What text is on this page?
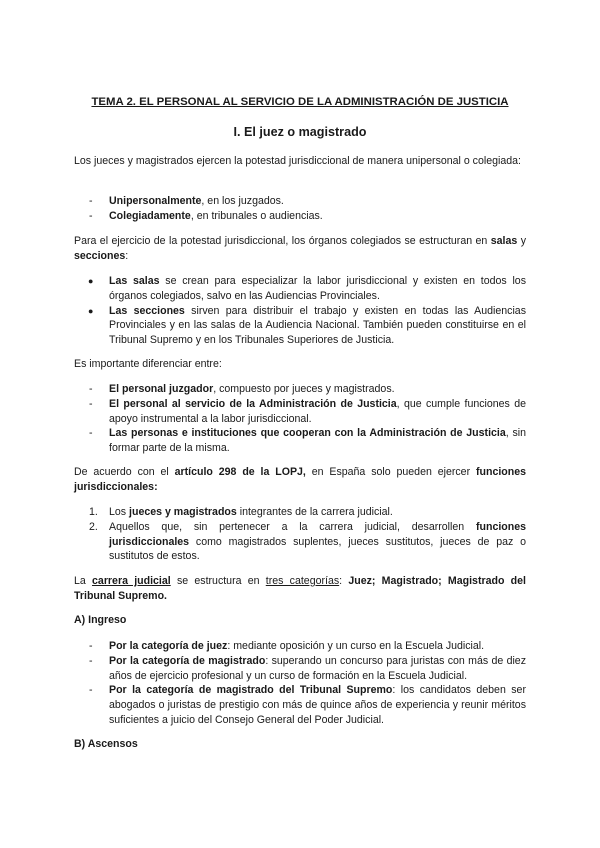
TEMA 2. EL PERSONAL AL SERVICIO DE LA ADMINISTRACIÓN DE JUSTICIA
I. El juez o magistrado
Los jueces y magistrados ejercen la potestad jurisdiccional de manera unipersonal o colegiada:
- Unipersonalmente, en los juzgados.
- Colegiadamente, en tribunales o audiencias.
Para el ejercicio de la potestad jurisdiccional, los órganos colegiados se estructuran en salas y secciones:
● Las salas se crean para especializar la labor jurisdiccional y existen en todos los órganos colegiados, salvo en las Audiencias Provinciales.
● Las secciones sirven para distribuir el trabajo y existen en todas las Audiencias Provinciales y en las salas de la Audiencia Nacional. También pueden constituirse en el Tribunal Supremo y en los Tribunales Superiores de Justicia.
Es importante diferenciar entre:
- El personal juzgador, compuesto por jueces y magistrados.
- El personal al servicio de la Administración de Justicia, que cumple funciones de apoyo instrumental a la labor jurisdiccional.
- Las personas e instituciones que cooperan con la Administración de Justicia, sin formar parte de la misma.
De acuerdo con el artículo 298 de la LOPJ, en España solo pueden ejercer funciones jurisdiccionales:
1. Los jueces y magistrados integrantes de la carrera judicial.
2. Aquellos que, sin pertenecer a la carrera judicial, desarrollen funciones jurisdiccionales como magistrados suplentes, jueces sustitutos, jueces de paz o sustitutos de estos.
La carrera judicial se estructura en tres categorías: Juez; Magistrado; Magistrado del Tribunal Supremo.
A) Ingreso
- Por la categoría de juez: mediante oposición y un curso en la Escuela Judicial.
- Por la categoría de magistrado: superando un concurso para juristas con más de diez años de ejercicio profesional y un curso de formación en la Escuela Judicial.
- Por la categoría de magistrado del Tribunal Supremo: los candidatos deben ser abogados o juristas de prestigio con más de quince años de experiencia y reunir méritos suficientes a juicio del Consejo General del Poder Judicial.
B) Ascensos
